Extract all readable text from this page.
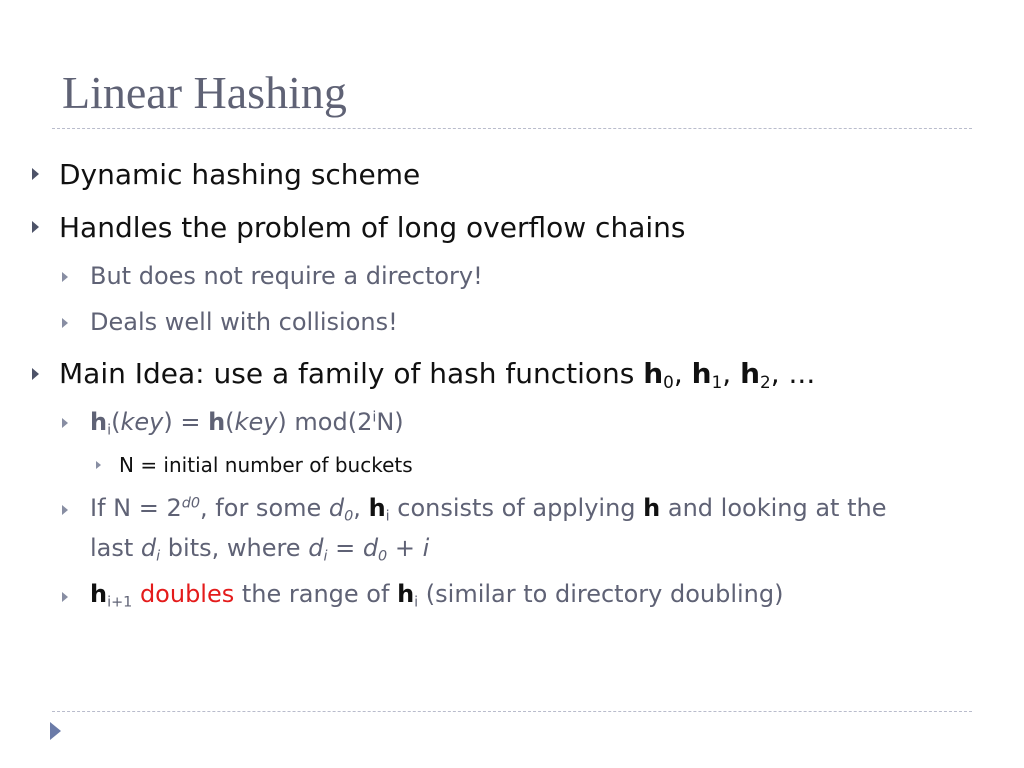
Linear Hashing
Dynamic hashing scheme
Handles the problem of long overflow chains
But does not require a directory!
Deals well with collisions!
Main Idea: use a family of hash functions $h_0$, $h_1$, $h_2$, ...
$h_i(key) = h(key)$ mod(2$^i$N)
N = initial number of buckets
If $N = 2^{d0}$, for some $d_0$, $h_i$ consists of applying h and looking at the
last $d_i$ bits, where $d_i = d_0 + i$
$h_{i+1}$ doubles the range of $h_i$ (similar to directory doubling)
